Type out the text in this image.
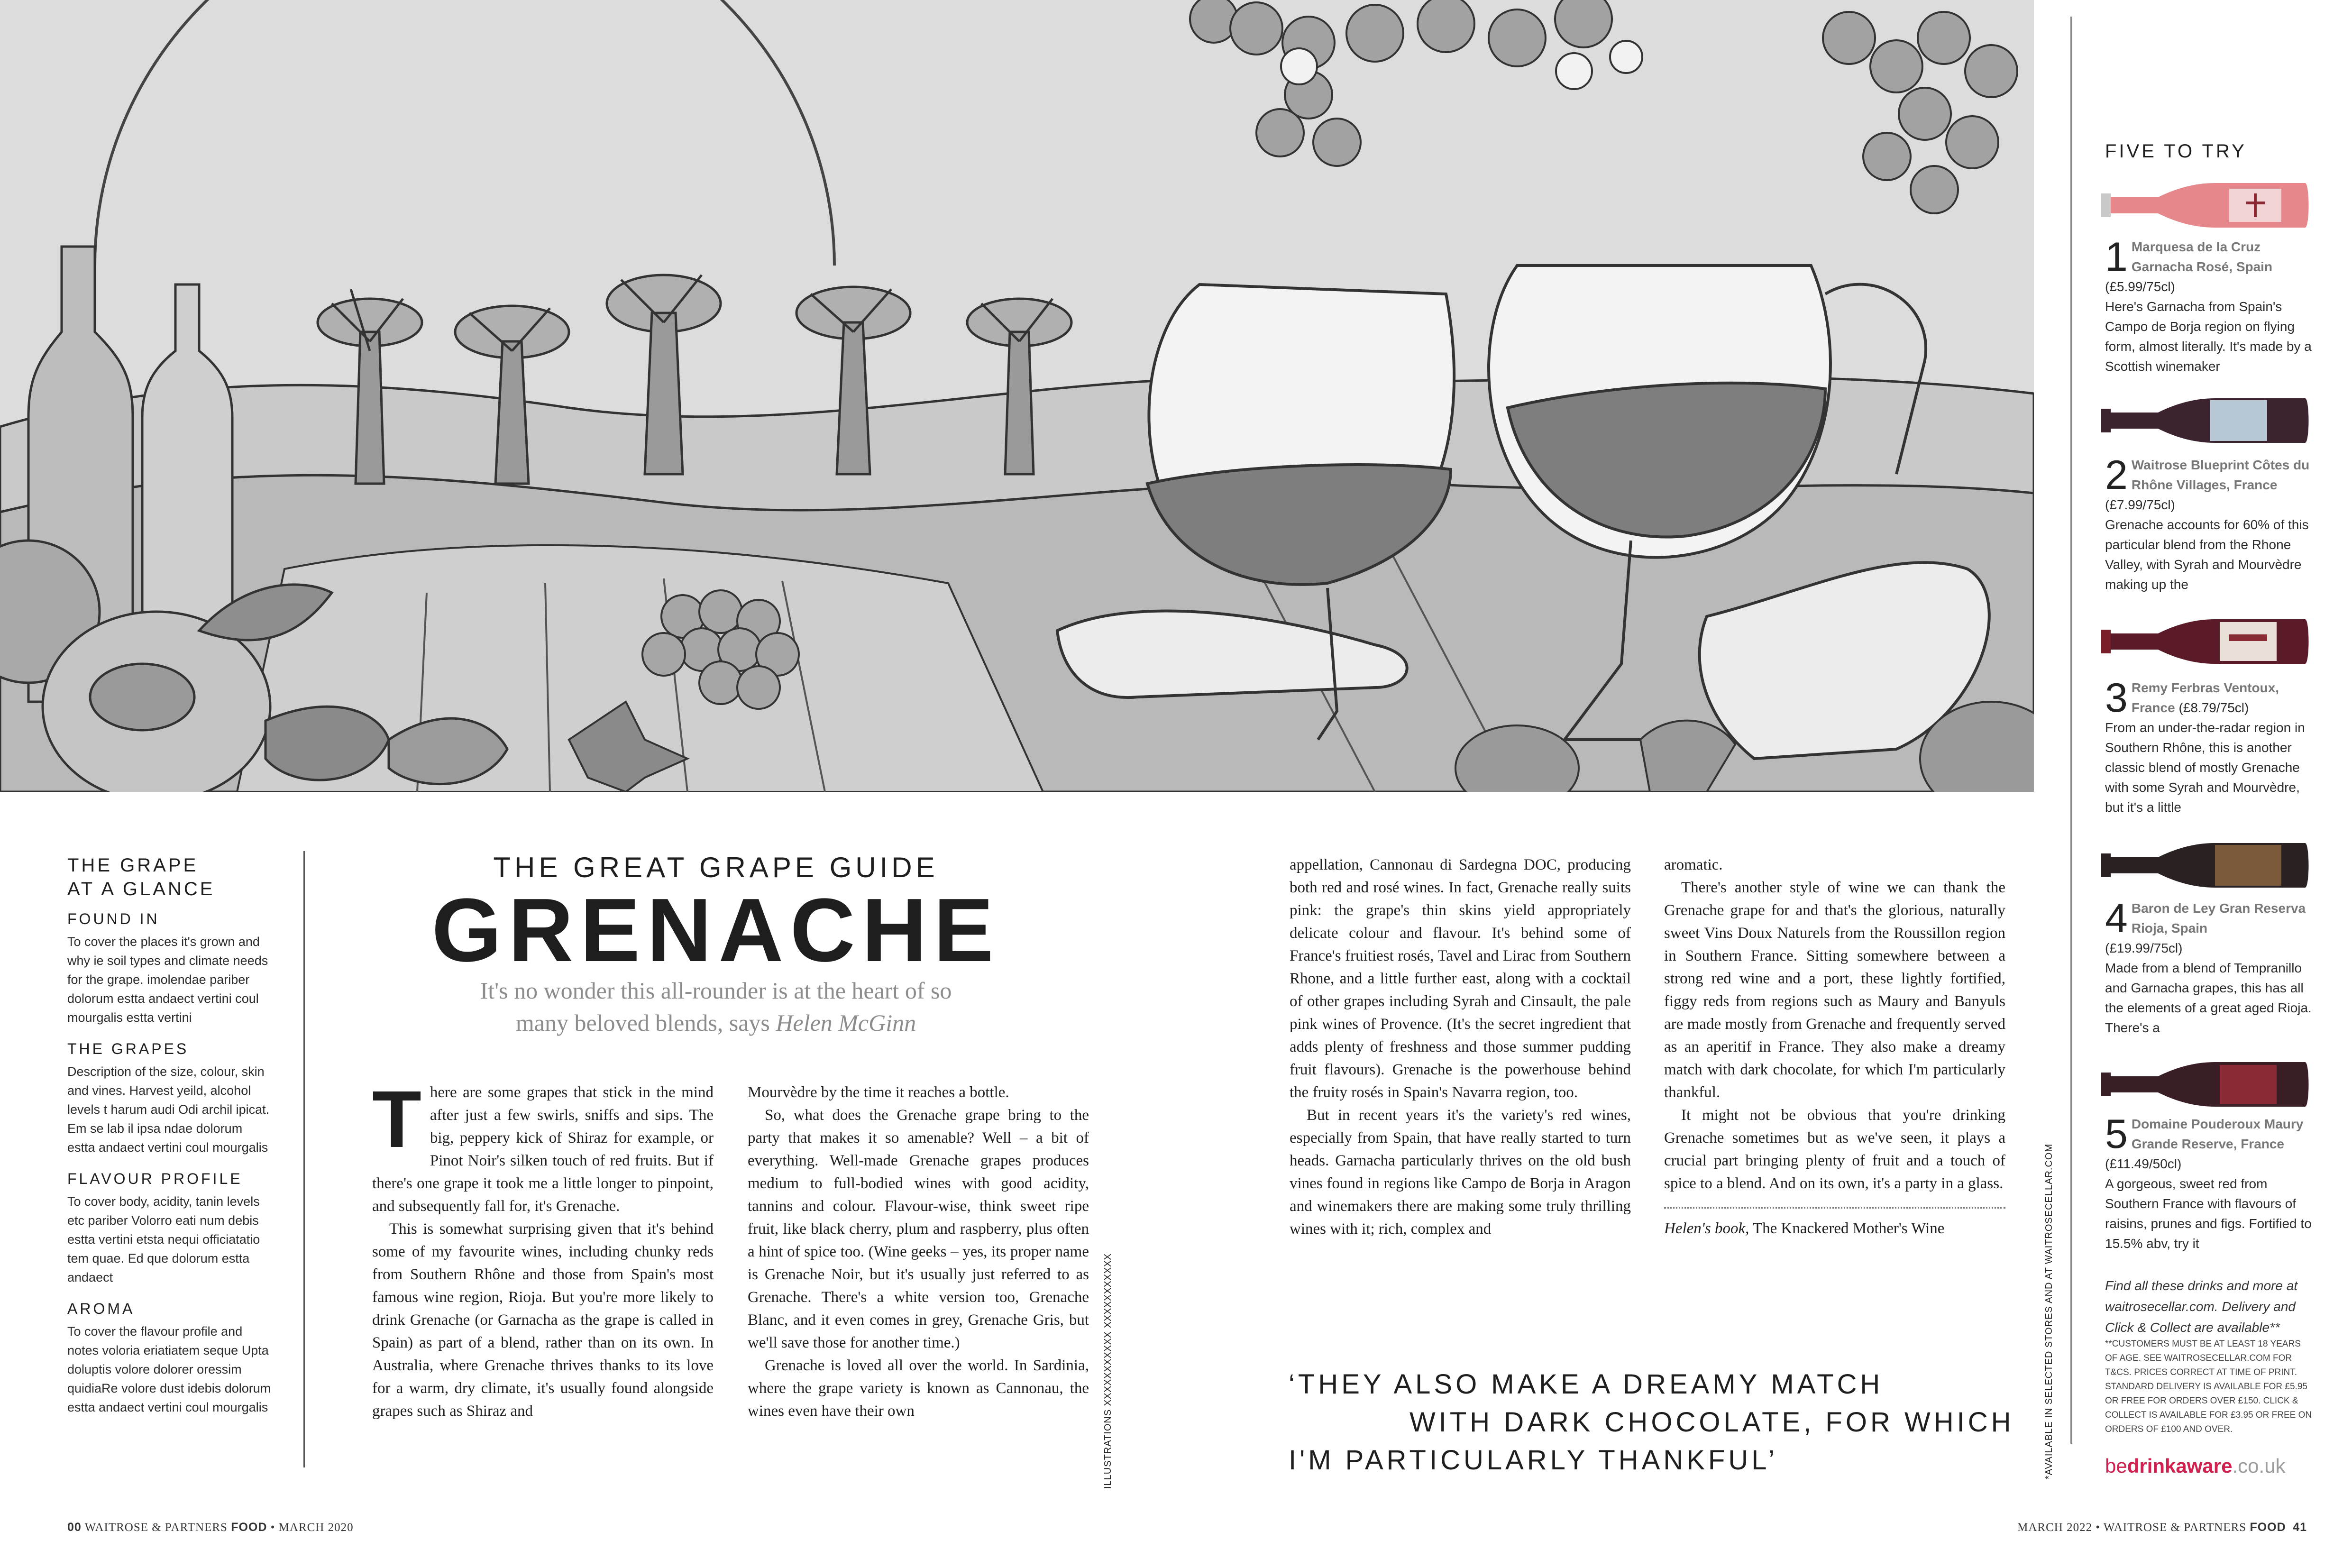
THE GRAPE
AT A GLANCE
FOUND IN

To cover the places it's grown and why ie soil types and climate needs for the grape. imolendae pariber dolorum estta andaect vertini coul mourgalis estta vertini

THE GRAPES

Description of the size, colour, skin and vines. Harvest yeild, alcohol levels t harum audi Odi archil ipicat. Em se lab il ipsa ndae dolorum estta andaect vertini coul mourgalis

FLAVOUR PROFILE

To cover body, acidity, tanin levels etc pariber Volorro eati num debis estta vertini etsta nequi officiatatio tem quae. Ed que dolorum estta andaect

AROMA

To cover the flavour profile and notes voloria eriatiatem seque Upta doluptis volore dolorer oressim quidiaRe volore dust idebis dolorum estta andaect vertini coul mourgalis

THE GREAT GRAPE GUIDE
GRENACHE
It's no wonder this all-rounder is at the heart of so
many beloved blends, says Helen McGinn

There are some grapes that stick in the mind after just a few swirls, sniffs and sips. The big, peppery kick of Shiraz for example, or Pinot Noir's silken touch of red fruits. But if there's one grape it took me a little longer to pinpoint, and subsequently fall for, it's Grenache.

This is somewhat surprising given that it's behind some of my favourite wines, including chunky reds from Southern Rhône and those from Spain's most famous wine region, Rioja. But you're more likely to drink Grenache (or Garnacha as the grape is called in Spain) as part of a blend, rather than on its own. In Australia, where Grenache thrives thanks to its love for a warm, dry climate, it's usually found alongside grapes such as Shiraz and

Mourvèdre by the time it reaches a bottle.

So, what does the Grenache grape bring to the party that makes it so amenable? Well – a bit of everything. Well-made Grenache grapes produces medium to full-bodied wines with good acidity, tannins and colour. Flavour-wise, think sweet ripe fruit, like black cherry, plum and raspberry, plus often a hint of spice too. (Wine geeks – yes, its proper name is Grenache Noir, but it's usually just referred to as Grenache. There's a white version too, Grenache Blanc, and it even comes in grey, Grenache Gris, but we'll save those for another time.)

Grenache is loved all over the world. In Sardinia, where the grape variety is known as Cannonau, the wines even have their own

appellation, Cannonau di Sardegna DOC, producing both red and rosé wines. In fact, Grenache really suits pink: the grape's thin skins yield appropriately delicate colour and flavour. It's behind some of France's fruitiest rosés, Tavel and Lirac from Southern Rhone, and a little further east, along with a cocktail of other grapes including Syrah and Cinsault, the pale pink wines of Provence. (It's the secret ingredient that adds plenty of freshness and those summer pudding fruit flavours). Grenache is the powerhouse behind the fruity rosés in Spain's Navarra region, too.

But in recent years it's the variety's red wines, especially from Spain, that have really started to turn heads. Garnacha particularly thrives on the old bush vines found in regions like Campo de Borja in Aragon and winemakers there are making some truly thrilling wines with it; rich, complex and

aromatic.

There's another style of wine we can thank the Grenache grape for and that's the glorious, naturally sweet Vins Doux Naturels from the Roussillon region in Southern France. Sitting somewhere between a strong red wine and a port, these lightly fortified, figgy reds from regions such as Maury and Banyuls are made mostly from Grenache and frequently served as an aperitif in France. They also make a dreamy match with dark chocolate, for which I'm particularly thankful.

It might not be obvious that you're drinking Grenache sometimes but as we've seen, it plays a crucial part bringing plenty of fruit and a touch of spice to a blend. And on its own, it's a party in a glass.

Helen's book, The Knackered Mother's Wine

ILLUSTRATIONS XXXXXXXXXXX XXXXXXXXXXX	*AVAILABLE IN SELECTED STORES AND AT WAITROSECELLAR.COM
‘THEY ALSO MAKE A DREAMY MATCH
WITH DARK CHOCOLATE, FOR WHICH
I'M PARTICULARLY THANKFUL’
FIVE TO TRY
1 Marquesa de la Cruz Garnacha Rosé, Spain
(£5.99/75cl)
Here's Garnacha from Spain's Campo de Borja region on flying form, almost literally. It's made by a Scottish winemaker
2 Waitrose Blueprint Côtes du Rhône Villages, France (£7.99/75cl)
Grenache accounts for 60% of this particular blend from the Rhone Valley, with Syrah and Mourvèdre making up the
3 Remy Ferbras Ventoux, France (£8.79/75cl)
From an under-the-radar region in Southern Rhône, this is another classic blend of mostly Grenache with some Syrah and Mourvèdre, but it's a little
4 Baron de Ley Gran Reserva Rioja, Spain
(£19.99/75cl)
Made from a blend of Tempranillo and Garnacha grapes, this has all the elements of a great aged Rioja. There's a
5 Domaine Pouderoux Maury Grande Reserve, France (£11.49/50cl)
A gorgeous, sweet red from Southern France with flavours of raisins, prunes and figs. Fortified to 15.5% abv, try it
Find all these drinks and more at waitrosecellar.com. Delivery and Click & Collect are available**
**CUSTOMERS MUST BE AT LEAST 18 YEARS OF AGE. SEE WAITROSECELLAR.COM FOR T&CS. PRICES CORRECT AT TIME OF PRINT. STANDARD DELIVERY IS AVAILABLE FOR £5.95 OR FREE FOR ORDERS OVER £150. CLICK & COLLECT IS AVAILABLE FOR £3.95 OR FREE ON ORDERS OF £100 AND OVER.
bedrinkaware.co.uk
00 WAITROSE & PARTNERS FOOD • MARCH 2020	MARCH 2022 • WAITROSE & PARTNERS FOOD 41
